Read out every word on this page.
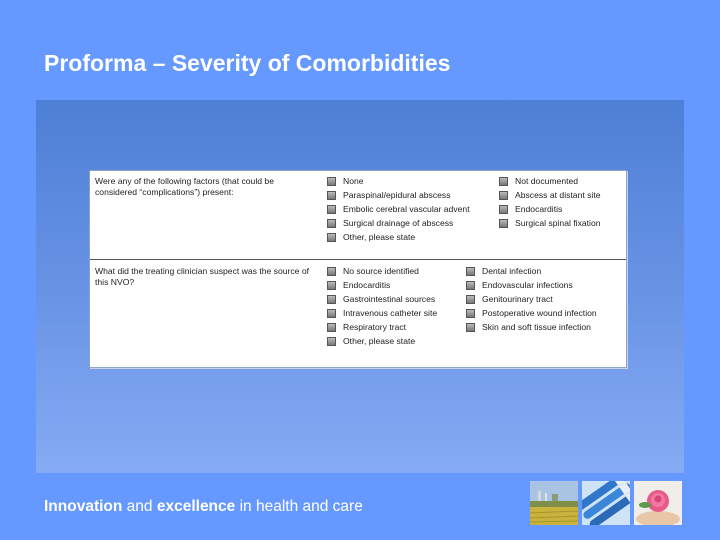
Proforma – Severity of Comorbidities
Were any of the following factors (that could be considered “complications”) present:
None
Paraspinal/epidural abscess
Embolic cerebral vascular advent
Surgical drainage of abscess
Other, please state
Not documented
Abscess at distant site
Endocarditis
Surgical spinal fixation
What did the treating clinician suspect was the source of this NVO?
No source identified
Endocarditis
Gastrointestinal sources
Intravenous catheter site
Respiratory tract
Other, please state
Dental infection
Endovascular infections
Genitourinary tract
Postoperative wound infection
Skin and soft tissue infection
Innovation and excellence in health and care
